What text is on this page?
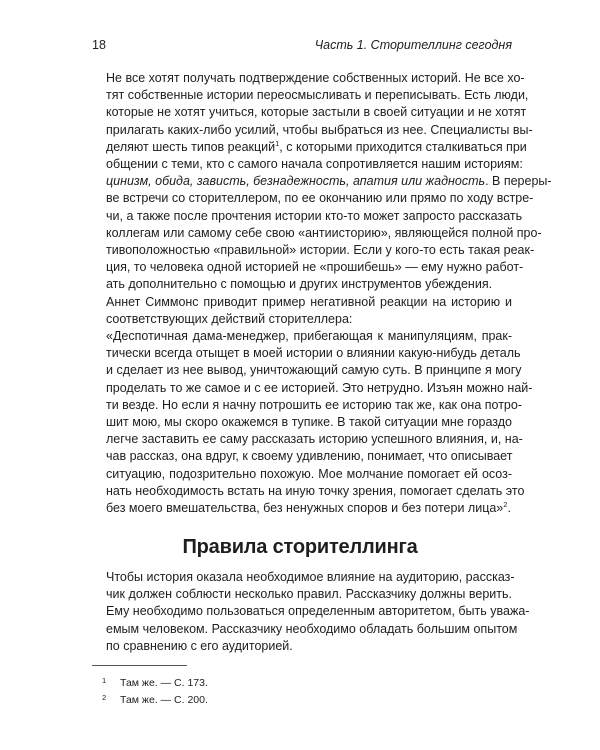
18	Часть 1. Сторителлинг сегодня

Не все хотят получать подтверждение собственных историй. Не все хо-
тят собственные истории переосмысливать и переписывать. Есть люди,
которые не хотят учиться, которые застыли в своей ситуации и не хотят
прилагать каких-либо усилий, чтобы выбраться из нее. Специалисты вы-
деляют шесть типов реакций$^1$, с которыми приходится сталкиваться при
общении с теми, кто с самого начала сопротивляется нашим историям:
цинизм, обида, зависть, безнадежность, апатия или жадность. В переры-
ве встречи со сторителлером, по ее окончанию или прямо по ходу встре-
чи, а также после прочтения истории кто-то может запросто рассказать
коллегам или самому себе свою «антиисторию», являющейся полной про-
тивоположностью «правильной» истории. Если у кого-то есть такая реак-
ция, то человека одной историей не «прошибешь» — ему нужно работ-
ать дополнительно с помощью и других инструментов убеждения.

Аннет Симмонс приводит пример негативной реакции на историю и
соответствующих действий сторителлера:

«Деспотичная дама-менеджер, прибегающая к манипуляциям, прак-
тически всегда отыщет в моей истории о влиянии какую-нибудь деталь
и сделает из нее вывод, уничтожающий самую суть. В принципе я могу
проделать то же самое и с ее историей. Это нетрудно. Изъян можно най-
ти везде. Но если я начну потрошить ее историю так же, как она потро-
шит мою, мы скоро окажемся в тупике. В такой ситуации мне гораздо
легче заставить ее саму рассказать историю успешного влияния, и, на-
чав рассказ, она вдруг, к своему удивлению, понимает, что описывает
ситуацию, подозрительно похожую. Мое молчание помогает ей осоз-
нать необходимость встать на иную точку зрения, помогает сделать это
без моего вмешательства, без ненужных споров и без потери лица»$^2$.

Правила сторителлинга

Чтобы история оказала необходимое влияние на аудиторию, рассказ-
чик должен соблюсти несколько правил. Рассказчику должны верить.
Ему необходимо пользоваться определенным авторитетом, быть уважа-
емым человеком. Рассказчику необходимо обладать большим опытом
по сравнению с его аудиторией.

1 Там же. — С. 173.
2 Там же. — С. 200.
